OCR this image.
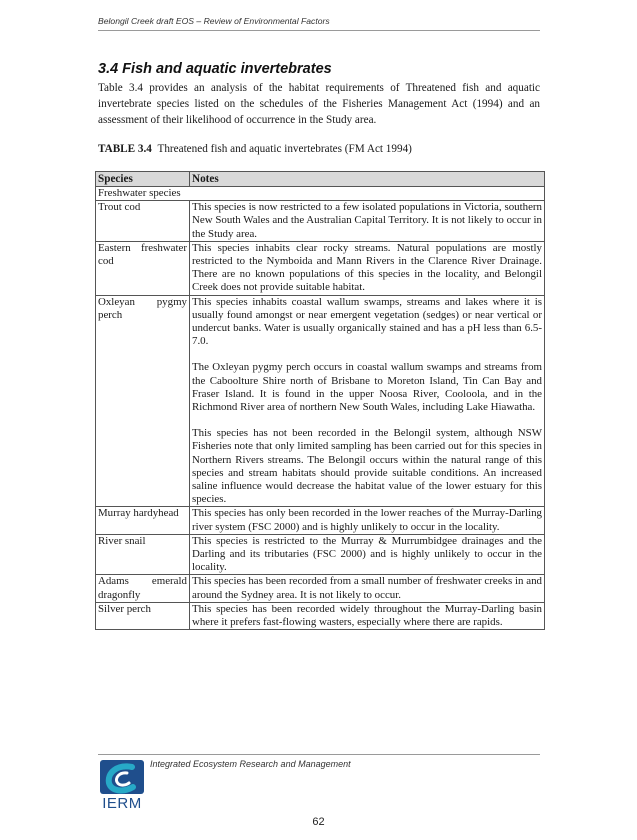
Belongil Creek draft EOS – Review of Environmental Factors
3.4 Fish and aquatic invertebrates

Table 3.4 provides an analysis of the habitat requirements of Threatened fish and aquatic invertebrate species listed on the schedules of the Fisheries Management Act (1994) and an assessment of their likelihood of occurrence in the Study area.

TABLE 3.4 Threatened fish and aquatic invertebrates (FM Act 1994)
Species	Notes
Freshwater species	
Trout cod	This species is now restricted to a few isolated populations in Victoria, southern New South Wales and the Australian Capital Territory. It is not likely to occur in the Study area.

Eastern freshwater cod	This species inhabits clear rocky streams. Natural populations are mostly restricted to the Nymboida and Mann Rivers in the Clarence River Drainage. There are no known populations of this species in the locality, and Belongil Creek does not provide suitable habitat.

Oxleyan pygmy perch	This species inhabits coastal wallum swamps, streams and lakes where it is usually found amongst or near emergent vegetation (sedges) or near vertical or undercut banks. Water is usually organically stained and has a pH less than 6.5-7.0.

The Oxleyan pygmy perch occurs in coastal wallum swamps and streams from the Caboolture Shire north of Brisbane to Moreton Island, Tin Can Bay and Fraser Island. It is found in the upper Noosa River, Cooloola, and in the Richmond River area of northern New South Wales, including Lake Hiawatha.

This species has not been recorded in the Belongil system, although NSW Fisheries note that only limited sampling has been carried out for this species in Northern Rivers streams. The Belongil occurs within the natural range of this species and stream habitats should provide suitable conditions. An increased saline influence would decrease the habitat value of the lower estuary for this species.

Murray hardyhead	This species has only been recorded in the lower reaches of the Murray-Darling river system (FSC 2000) and is highly unlikely to occur in the locality.

River snail	This species is restricted to the Murray & Murrumbidgee drainages and the Darling and its tributaries (FSC 2000) and is highly unlikely to occur in the locality.

Adams emerald dragonfly	This species has been recorded from a small number of freshwater creeks in and around the Sydney area. It is not likely to occur.

Silver perch	This species has been recorded widely throughout the Murray-Darling basin where it prefers fast-flowing wasters, especially where there are rapids.

IERM
Integrated Ecosystem Research and Management
62
